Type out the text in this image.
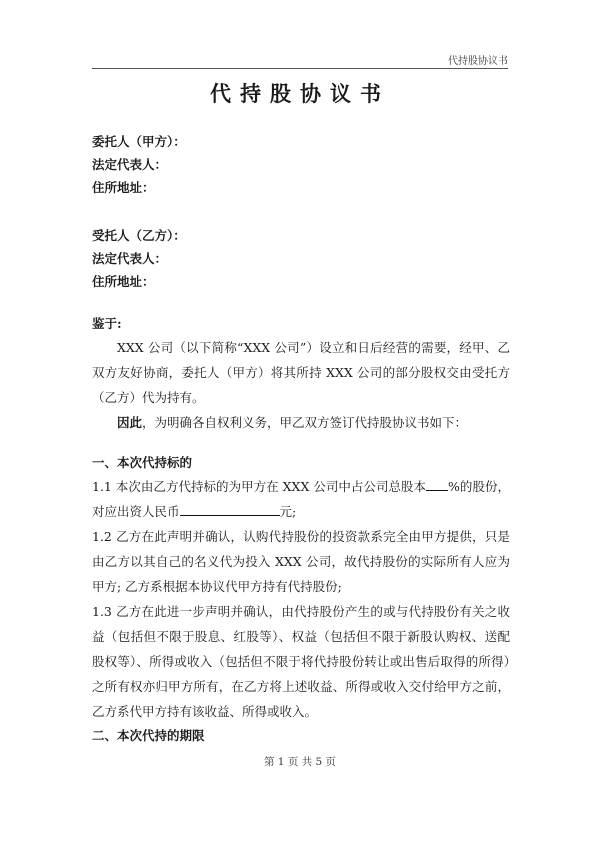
代持股协议书
代持股协议书
委托人（甲方）：
法定代表人：
住所地址：
受托人（乙方）：
法定代表人：
住所地址：
鉴于:

XXX 公司（以下简称“XXX 公司”）设立和日后经营的需要，经甲、乙双方友好协商，委托人（甲方）将其所持 XXX 公司的部分股权交由受托方（乙方）代为持有。

因此，为明确各自权利义务，甲乙双方签订代持股协议书如下：

一、本次代持标的

1.1 本次由乙方代持标的为甲方在 XXX 公司中占公司总股本 %的股份，对应出资人民币	元;

1.2 乙方在此声明并确认，认购代持股份的投资款系完全由甲方提供，只是由乙方以其自己的名义代为投入 XXX 公司，故代持股份的实际所有人应为甲方; 乙方系根据本协议代甲方持有代持股份;

1.3 乙方在此进一步声明并确认，由代持股份产生的或与代持股份有关之收益（包括但不限于股息、红股等）、权益（包括但不限于新股认购权、送配股权等）、所得或收入（包括但不限于将代持股份转让或出售后取得的所得）之所有权亦归甲方所有，在乙方将上述收益、所得或收入交付给甲方之前，乙方系代甲方持有该收益、所得或收入。

二、本次代持的期限

第 1 页 共 5 页
